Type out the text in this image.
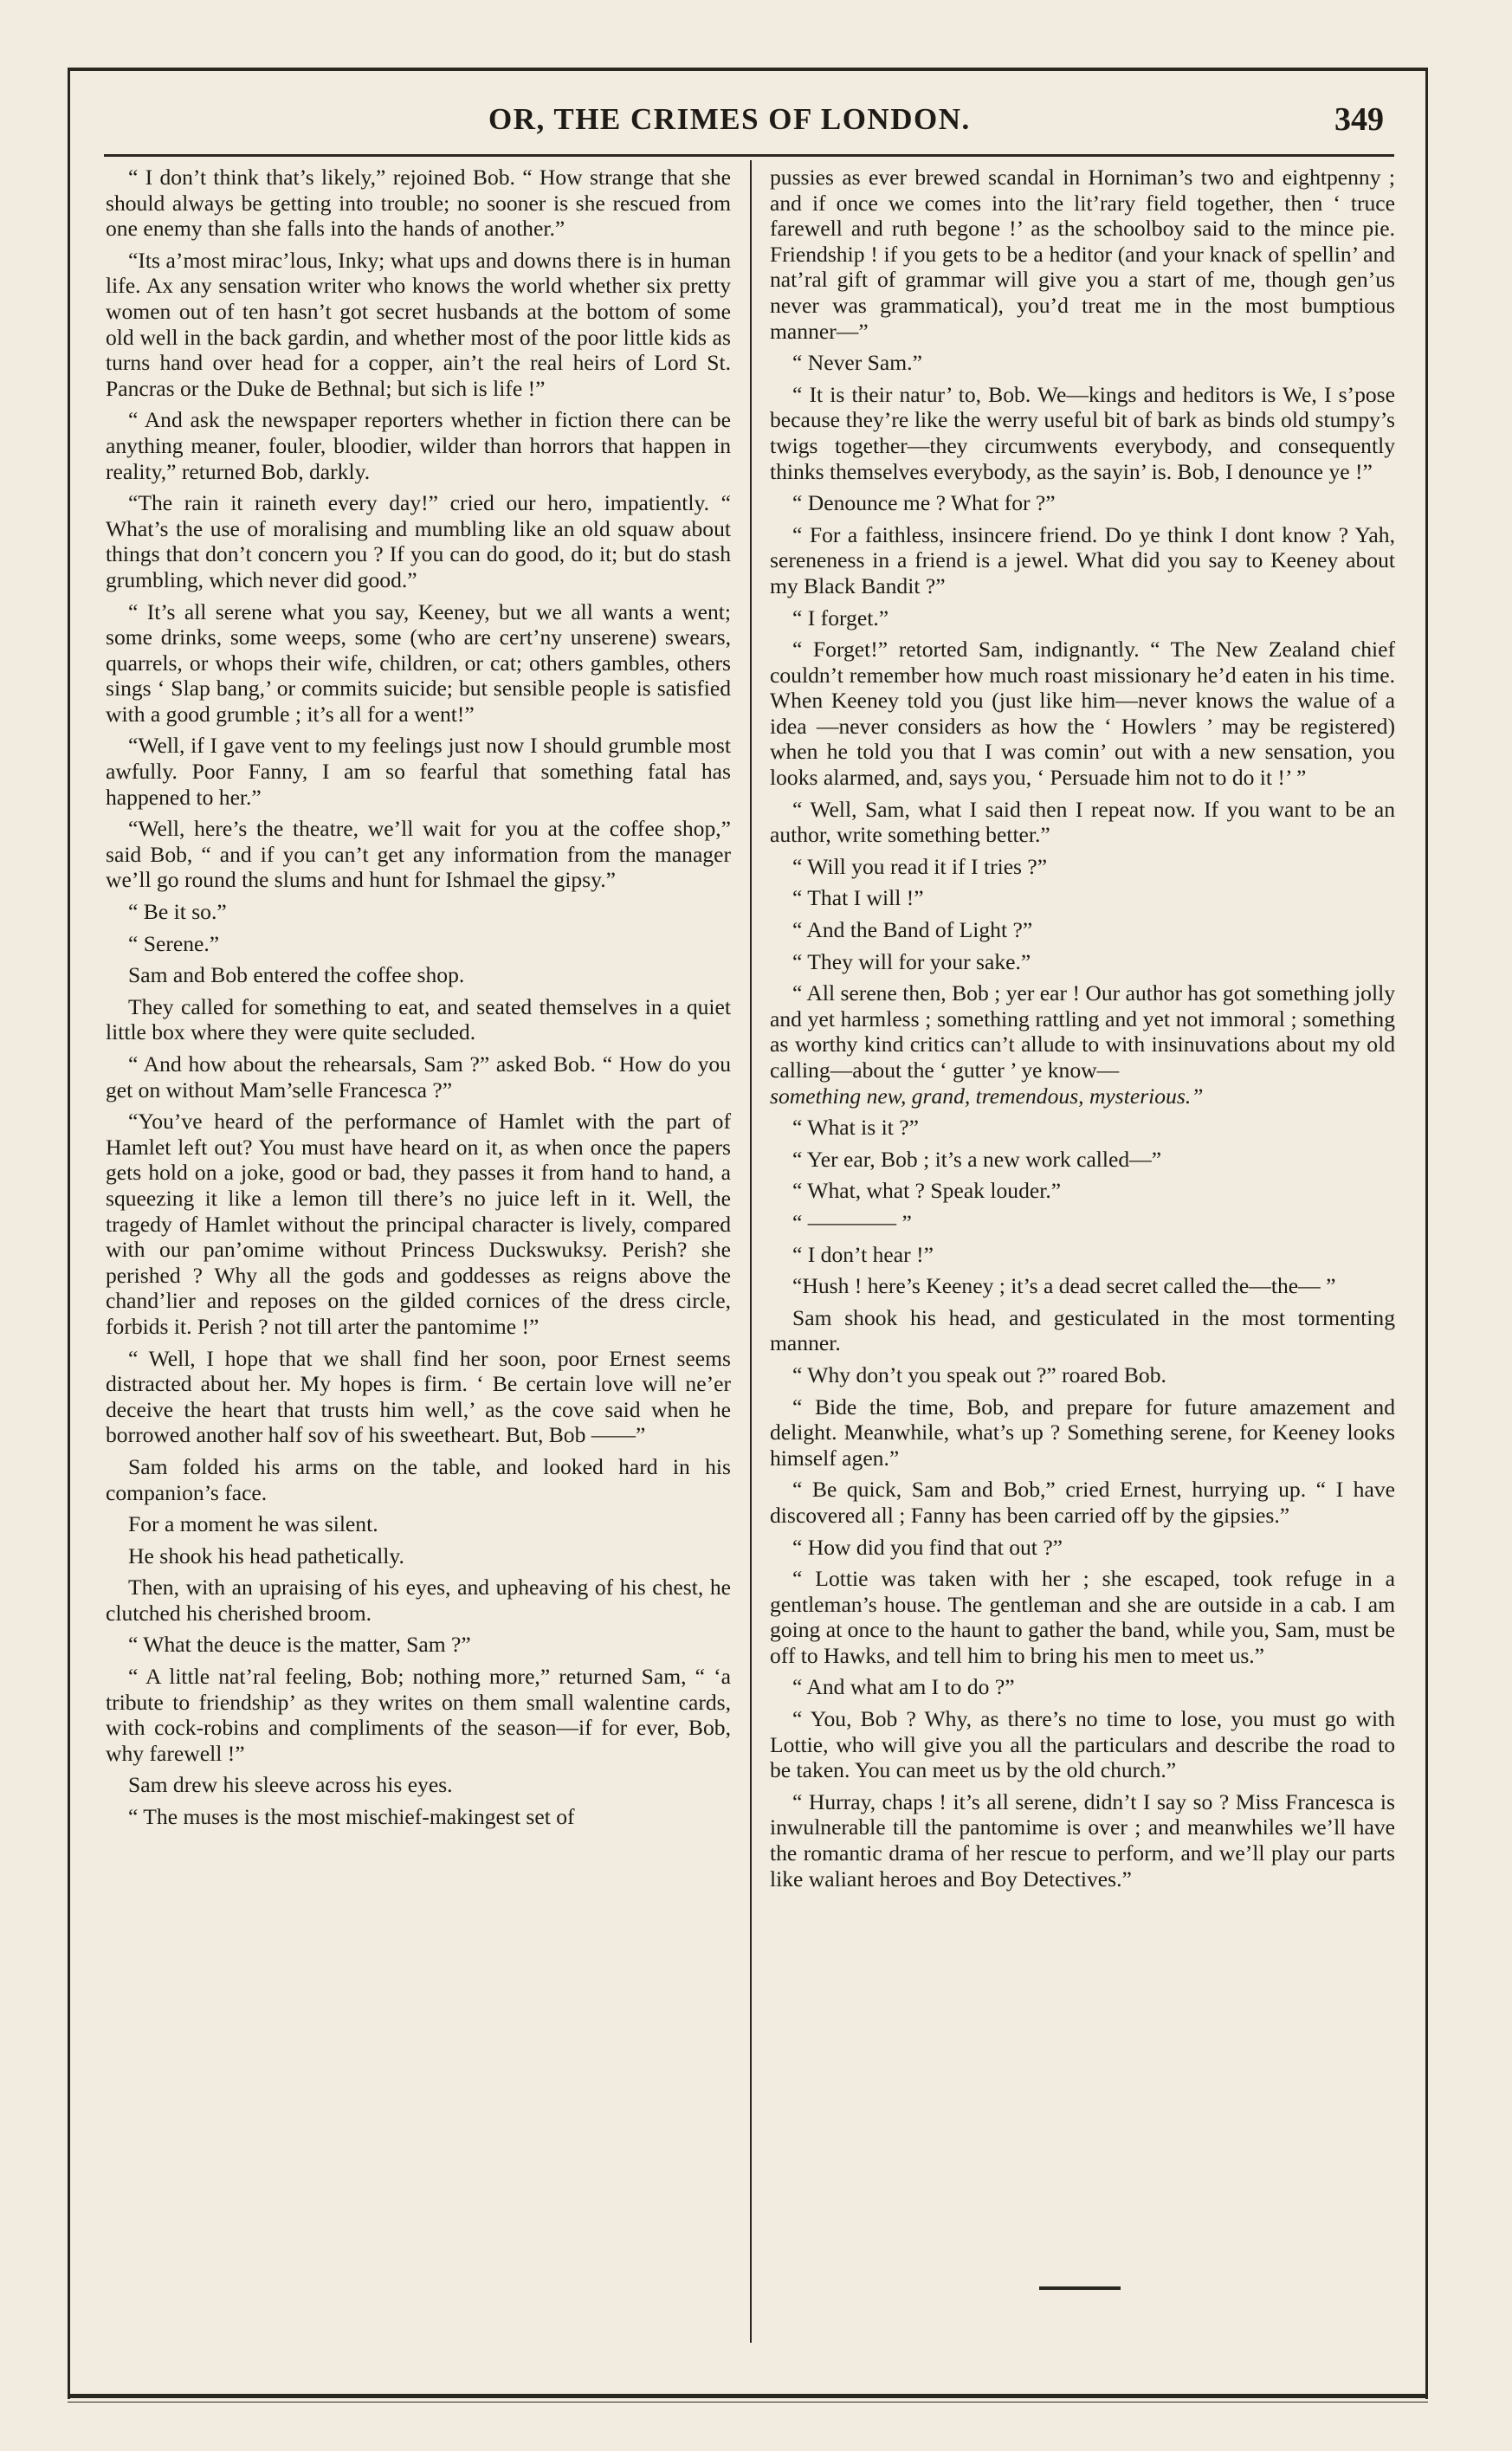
OR, THE CRIMES OF LONDON.	349

“ I don’t think that’s likely,” rejoined Bob. “ How strange that she should always be getting into trouble; no sooner is she rescued from one enemy than she falls into the hands of another.”

“Its a’most mirac’lous, Inky; what ups and downs there is in human life. Ax any sensation writer who knows the world whether six pretty women out of ten hasn’t got secret husbands at the bottom of some old well in the back gardin, and whether most of the poor little kids as turns hand over head for a copper, ain’t the real heirs of Lord St. Pancras or the Duke de Bethnal; but sich is life !”

“ And ask the newspaper reporters whether in fiction there can be anything meaner, fouler, bloodier, wilder than horrors that happen in reality,” returned Bob, darkly.

“The rain it raineth every day!” cried our hero, impatiently. “ What’s the use of moralising and mumbling like an old squaw about things that don’t concern you ? If you can do good, do it; but do stash grumbling, which never did good.”

“ It’s all serene what you say, Keeney, but we all wants a went; some drinks, some weeps, some (who are cert’ny unserene) swears, quarrels, or whops their wife, children, or cat; others gambles, others sings ‘ Slap bang,’ or commits suicide; but sensible people is satisfied with a good grumble ; it’s all for a went!”

“Well, if I gave vent to my feelings just now I should grumble most awfully. Poor Fanny, I am so fearful that something fatal has happened to her.”

“Well, here’s the theatre, we’ll wait for you at the coffee shop,” said Bob, “ and if you can’t get any information from the manager we’ll go round the slums and hunt for Ishmael the gipsy.”

“ Be it so.”

“ Serene.”

Sam and Bob entered the coffee shop.

They called for something to eat, and seated themselves in a quiet little box where they were quite secluded.

“ And how about the rehearsals, Sam ?” asked Bob. “ How do you get on without Mam’selle Francesca ?”

“You’ve heard of the performance of Hamlet with the part of Hamlet left out? You must have heard on it, as when once the papers gets hold on a joke, good or bad, they passes it from hand to hand, a squeezing it like a lemon till there’s no juice left in it. Well, the tragedy of Hamlet without the principal character is lively, compared with our pan’omime without Princess Duckswuksy. Perish? she perished ? Why all the gods and goddesses as reigns above the chand’lier and reposes on the gilded cornices of the dress circle, forbids it. Perish ? not till arter the pantomime !”

“ Well, I hope that we shall find her soon, poor Ernest seems distracted about her. My hopes is firm. ‘ Be certain love will ne’er deceive the heart that trusts him well,’ as the cove said when he borrowed another half sov of his sweetheart. But, Bob ——”

Sam folded his arms on the table, and looked hard in his companion’s face.

For a moment he was silent.

He shook his head pathetically.

Then, with an upraising of his eyes, and upheaving of his chest, he clutched his cherished broom.

“ What the deuce is the matter, Sam ?”

“ A little nat’ral feeling, Bob; nothing more,” returned Sam, “ ‘a tribute to friendship’ as they writes on them small walentine cards, with cock-robins and compliments of the season—if for ever, Bob, why farewell !”

Sam drew his sleeve across his eyes.

“ The muses is the most mischief-makingest set of

pussies as ever brewed scandal in Horniman’s two and eightpenny ; and if once we comes into the lit’rary field together, then ‘ truce farewell and ruth begone !’ as the schoolboy said to the mince pie. Friendship ! if you gets to be a heditor (and your knack of spellin’ and nat’ral gift of grammar will give you a start of me, though gen’us never was grammatical), you’d treat me in the most bumptious manner—”

“ Never Sam.”

“ It is their natur’ to, Bob. We—kings and heditors is We, I s’pose because they’re like the werry useful bit of bark as binds old stumpy’s twigs together—they circumwents everybody, and consequently thinks themselves everybody, as the sayin’ is. Bob, I denounce ye !”

“ Denounce me ? What for ?”

“ For a faithless, insincere friend. Do ye think I dont know ? Yah, sereneness in a friend is a jewel. What did you say to Keeney about my Black Bandit ?”

“ I forget.”

“ Forget!” retorted Sam, indignantly. “ The New Zealand chief couldn’t remember how much roast missionary he’d eaten in his time. When Keeney told you (just like him—never knows the walue of a idea —never considers as how the ‘ Howlers ’ may be registered) when he told you that I was comin’ out with a new sensation, you looks alarmed, and, says you, ‘ Persuade him not to do it !’ ”

“ Well, Sam, what I said then I repeat now. If you want to be an author, write something better.”

“ Will you read it if I tries ?”

“ That I will !”

“ And the Band of Light ?”

“ They will for your sake.”

“ All serene then, Bob ; yer ear ! Our author has got something jolly and yet harmless ; something rattling and yet not immoral ; something as worthy kind critics can’t allude to with insinuvations about my old calling—about the ‘ gutter ’ ye know—

something new, grand, tremendous, mysterious.”

“ What is it ?”

“ Yer ear, Bob ; it’s a new work called—”

“ What, what ? Speak louder.”

“ ———— ”

“ I don’t hear !”

“Hush ! here’s Keeney ; it’s a dead secret called the—the— ”

Sam shook his head, and gesticulated in the most tormenting manner.

“ Why don’t you speak out ?” roared Bob.

“ Bide the time, Bob, and prepare for future amazement and delight. Meanwhile, what’s up ? Something serene, for Keeney looks himself agen.”

“ Be quick, Sam and Bob,” cried Ernest, hurrying up. “ I have discovered all ; Fanny has been carried off by the gipsies.”

“ How did you find that out ?”

“ Lottie was taken with her ; she escaped, took refuge in a gentleman’s house. The gentleman and she are outside in a cab. I am going at once to the haunt to gather the band, while you, Sam, must be off to Hawks, and tell him to bring his men to meet us.”

“ And what am I to do ?”

“ You, Bob ? Why, as there’s no time to lose, you must go with Lottie, who will give you all the particulars and describe the road to be taken. You can meet us by the old church.”

“ Hurray, chaps ! it’s all serene, didn’t I say so ? Miss Francesca is inwulnerable till the pantomime is over ; and meanwhiles we’ll have the romantic drama of her rescue to perform, and we’ll play our parts like waliant heroes and Boy Detectives.”
